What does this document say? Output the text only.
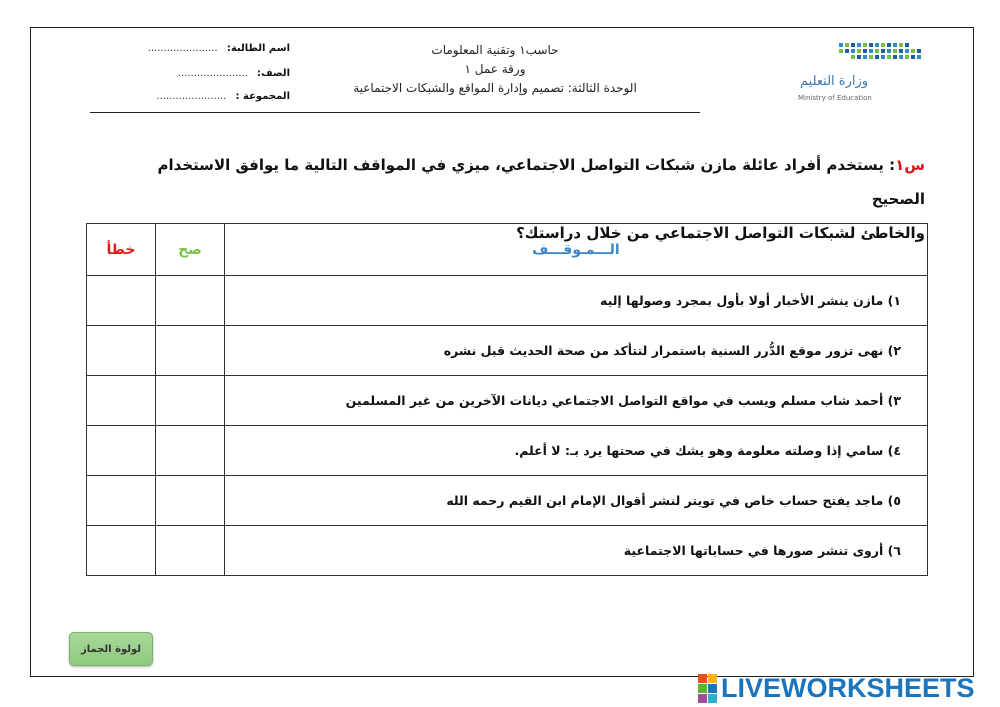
اسم الطالبة: ......................
الصف: ......................
المجموعة : ......................
حاسب١ وتقنية المعلومات
ورقة عمل ١
الوحدة الثالثة: تصميم وإدارة المواقع والشبكات الاجتماعية	وزارة التعليم
Ministry of Education
س١: يستخدم أفراد عائلة مازن شبكات التواصل الاجتماعي، ميزي في المواقف التالية ما يوافق الاستخدام الصحيح
والخاطئ لشبكات التواصل الاجتماعي من خلال دراستك؟
الـــمـوقـــف	صح	خطأ
١) مازن ينشر الأخبار أولا بأول بمجرد وصولها إليه		
٢) نهى تزور موقع الدُّرر السنية باستمرار لتتأكد من صحة الحديث قبل نشره		
٣) أحمد شاب مسلم ويسب في مواقع التواصل الاجتماعي ديانات الآخرين من غير المسلمين		
٤) سامي إذا وصلته معلومة وهو يشك في صحتها يرد بـ: لا أعلم.		
٥) ماجد يفتح حساب خاص في تويتر لنشر أقوال الإمام ابن القيم رحمه الله		
٦) أروى تنشر صورها في حساباتها الاجتماعية		
لولوة الجماز
LIVEWORKSHEETS
